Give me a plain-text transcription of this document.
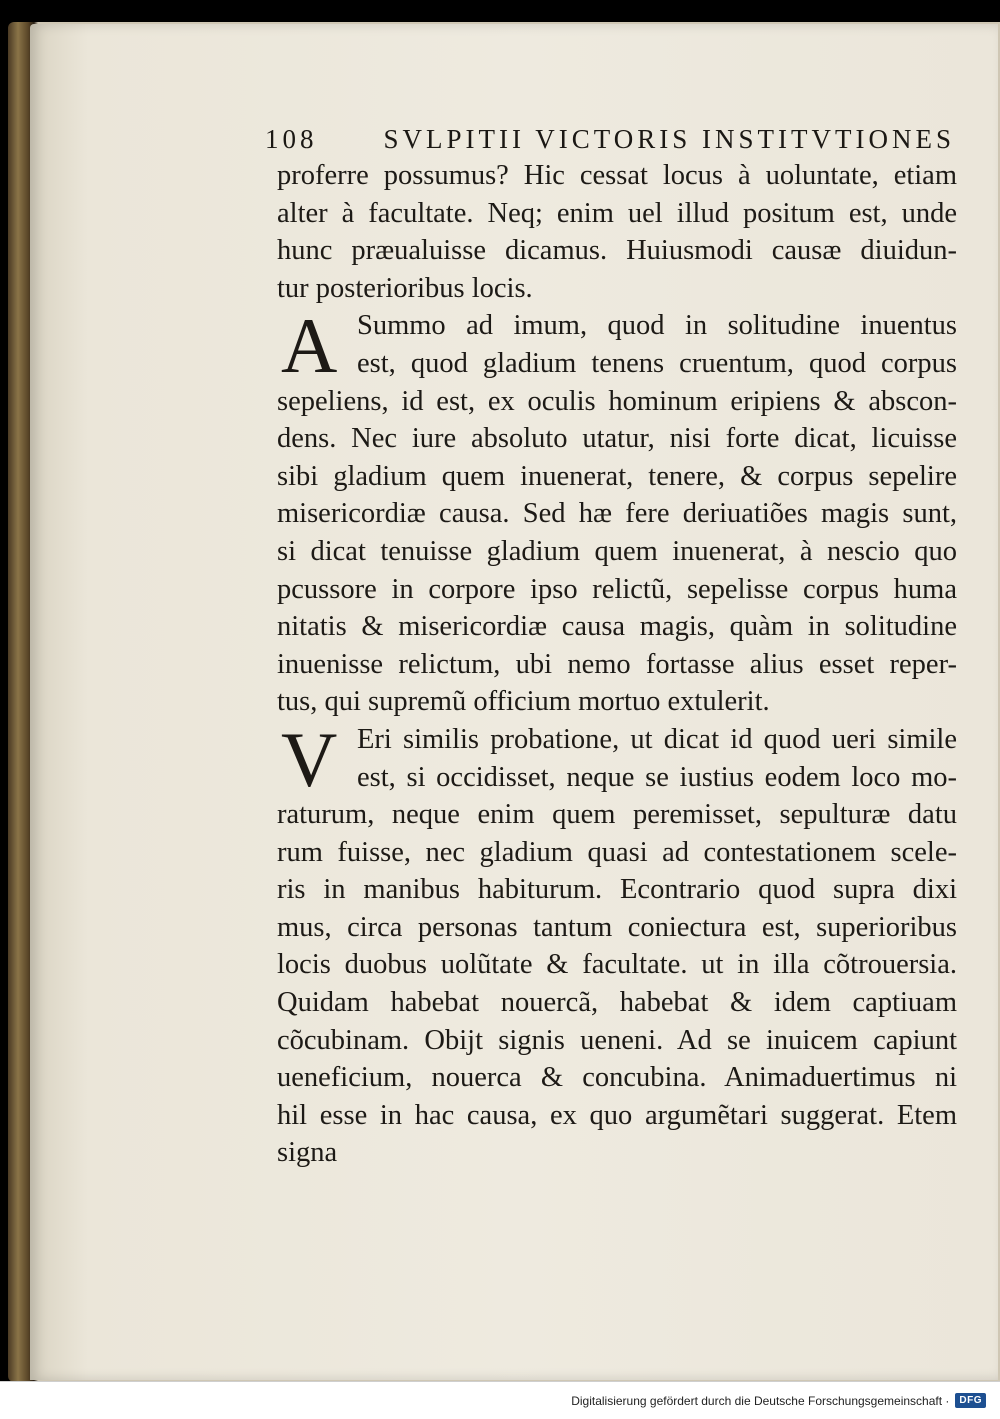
108 SVLPITII VICTORIS INSTITVTIONES
proferre possumus? Hic cessat locus à uoluntate, etiam
alter à facultate. Neq; enim uel illud positum est, unde
hunc præualuisse dicamus. Huiusmodi causæ diuidun-
tur posterioribus locis.
A Summo ad imum, quod in solitudine inuentus
est, quod gladium tenens cruentum, quod corpus
sepeliens, id est, ex oculis hominum eripiens & abscon-
dens. Nec iure absoluto utatur, nisi forte dicat, licuisse
sibi gladium quem inuenerat, tenere, & corpus sepelire
misericordiæ causa. Sed hæ fere deriuatiões magis sunt,
si dicat tenuisse gladium quem inuenerat, à nescio quo
pcussore in corpore ipso relictũ, sepelisse corpus huma
nitatis & misericordiæ causa magis, quàm in solitudine
inuenisse relictum, ubi nemo fortasse alius esset reper-
tus, qui supremũ officium mortuo extulerit.
V Eri similis probatione, ut dicat id quod ueri simile
est, si occidisset, neque se iustius eodem loco mo-
raturum, neque enim quem peremisset, sepulturæ datu
rum fuisse, nec gladium quasi ad contestationem scele-
ris in manibus habiturum. Econtrario quod supra dixi
mus, circa personas tantum coniectura est, superioribus
locis duobus uolũtate & facultate. ut in illa cõtrouersia.
Quidam habebat nouercã, habebat & idem captiuam
cõcubinam. Obijt signis ueneni. Ad se inuicem capiunt
ueneficium, nouerca & concubina. Animaduertimus ni
hil esse in hac causa, ex quo argumẽtari suggerat. Etem
signa
Digitalisierung gefördert durch die Deutsche Forschungsgemeinschaft ·	DFG
